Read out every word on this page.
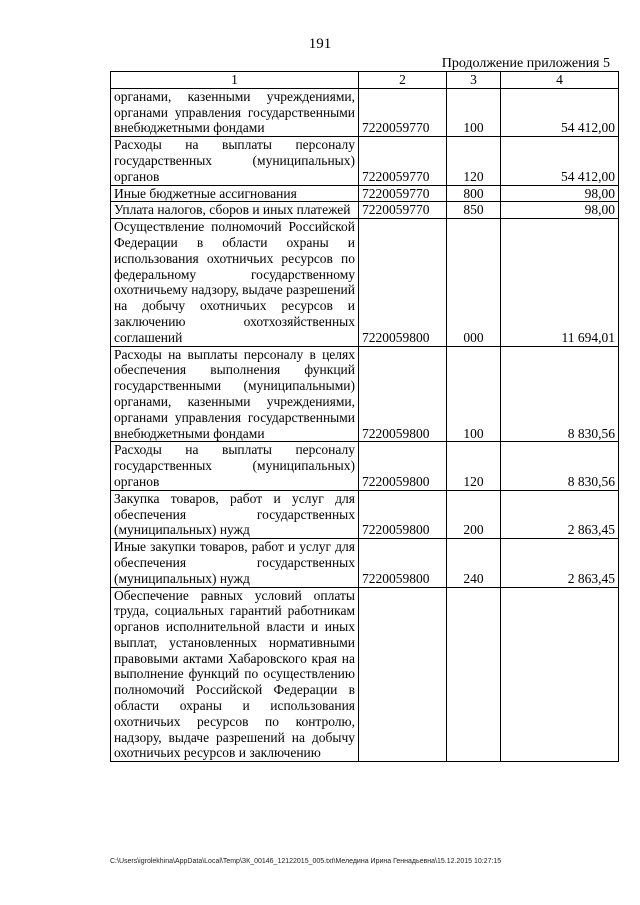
191
Продолжение приложения 5
1	2	3	4
органами, казенными учреждениями, органами управления государственными внебюджетными фондами	7220059770	100	54 412,00
Расходы на выплаты персоналу государственных (муниципальных) органов	7220059770	120	54 412,00
Иные бюджетные ассигнования	7220059770	800	98,00
Уплата налогов, сборов и иных платежей	7220059770	850	98,00
Осуществление полномочий Российской Федерации в области охраны и использования охотничьих ресурсов по федеральному государственному охотничьему надзору, выдаче разрешений на добычу охотничьих ресурсов и заключению охотхозяйственных соглашений	7220059800	000	11 694,01
Расходы на выплаты персоналу в целях обеспечения выполнения функций государственными (муниципальными) органами, казенными учреждениями, органами управления государственными внебюджетными фондами	7220059800	100	8 830,56
Расходы на выплаты персоналу государственных (муниципальных) органов	7220059800	120	8 830,56
Закупка товаров, работ и услуг для обеспечения государственных (муниципальных) нужд	7220059800	200	2 863,45
Иные закупки товаров, работ и услуг для обеспечения государственных (муниципальных) нужд	7220059800	240	2 863,45
Обеспечение равных условий оплаты труда, социальных гарантий работникам органов исполнительной власти и иных выплат, установленных нормативными правовыми актами Хабаровского края на выполнение функций по осуществлению полномочий Российской Федерации в области охраны и использования охотничьих ресурсов по контролю, надзору, выдаче разрешений на добычу охотничьих ресурсов и заключению			
C:\Users\igrolekhina\AppData\Local\Temp\ЗК_00146_12122015_005.txt\Меледина Ирина Геннадьевна\15.12.2015 10:27:15
